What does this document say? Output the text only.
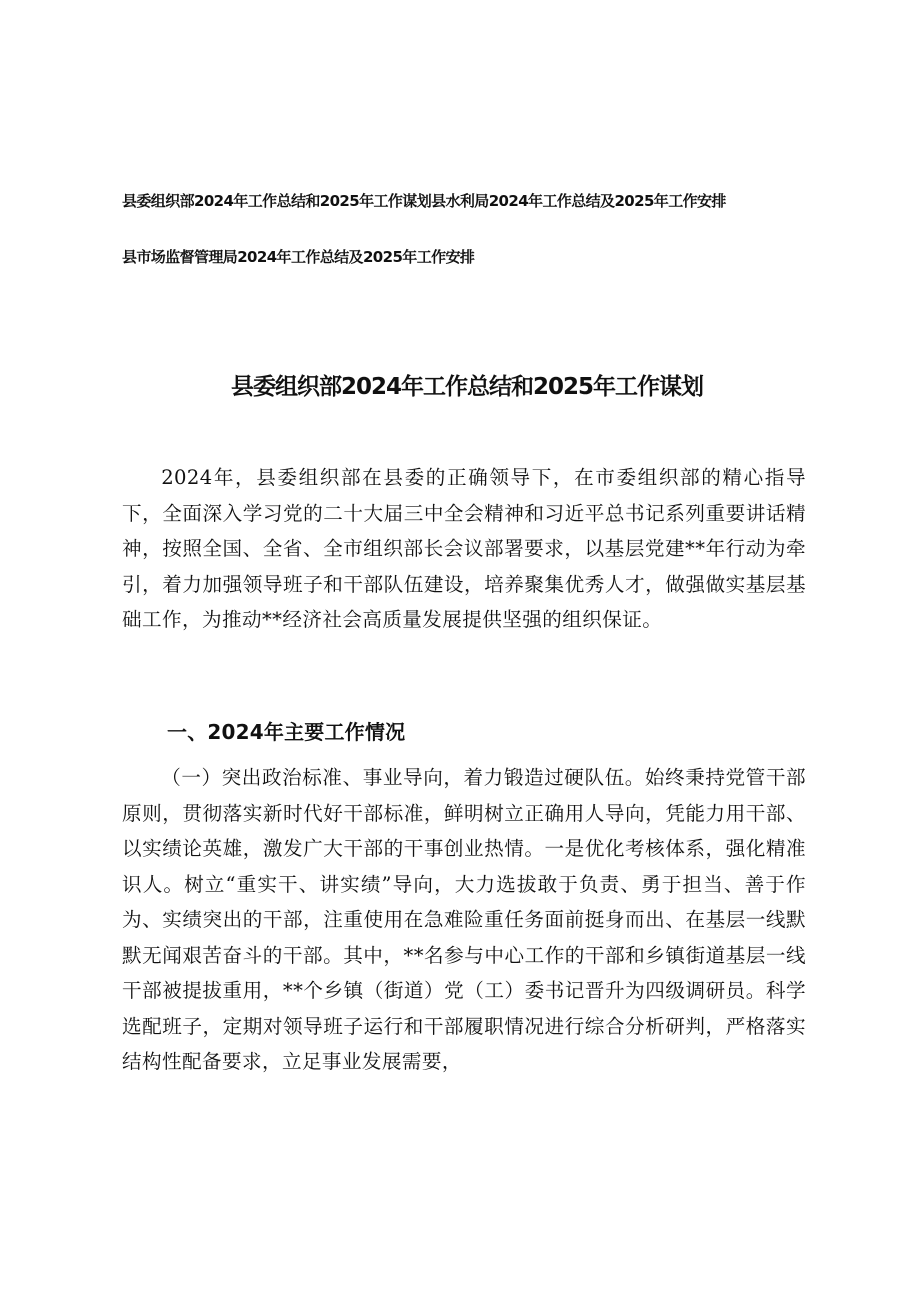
县委组织部2024年工作总结和2025年工作谋划县水利局2024年工作总结及2025年工作安排
县市场监督管理局2024年工作总结及2025年工作安排
县委组织部2024年工作总结和2025年工作谋划
2024年，县委组织部在县委的正确领导下，在市委组织部的精心指导下，全面深入学习党的二十大届三中全会精神和习近平总书记系列重要讲话精神，按照全国、全省、全市组织部长会议部署要求，以基层党建**年行动为牵引，着力加强领导班子和干部队伍建设，培养聚集优秀人才，做强做实基层基础工作，为推动**经济社会高质量发展提供坚强的组织保证。
一、2024年主要工作情况
（一）突出政治标准、事业导向，着力锻造过硬队伍。始终秉持党管干部原则，贯彻落实新时代好干部标准，鲜明树立正确用人导向，凭能力用干部、以实绩论英雄，激发广大干部的干事创业热情。一是优化考核体系，强化精准识人。树立“重实干、讲实绩”导向，大力选拔敢于负责、勇于担当、善于作为、实绩突出的干部，注重使用在急难险重任务面前挺身而出、在基层一线默默无闻艰苦奋斗的干部。其中，**名参与中心工作的干部和乡镇街道基层一线干部被提拔重用，**个乡镇（街道）党（工）委书记晋升为四级调研员。科学选配班子，定期对领导班子运行和干部履职情况进行综合分析研判，严格落实结构性配备要求，立足事业发展需要，
